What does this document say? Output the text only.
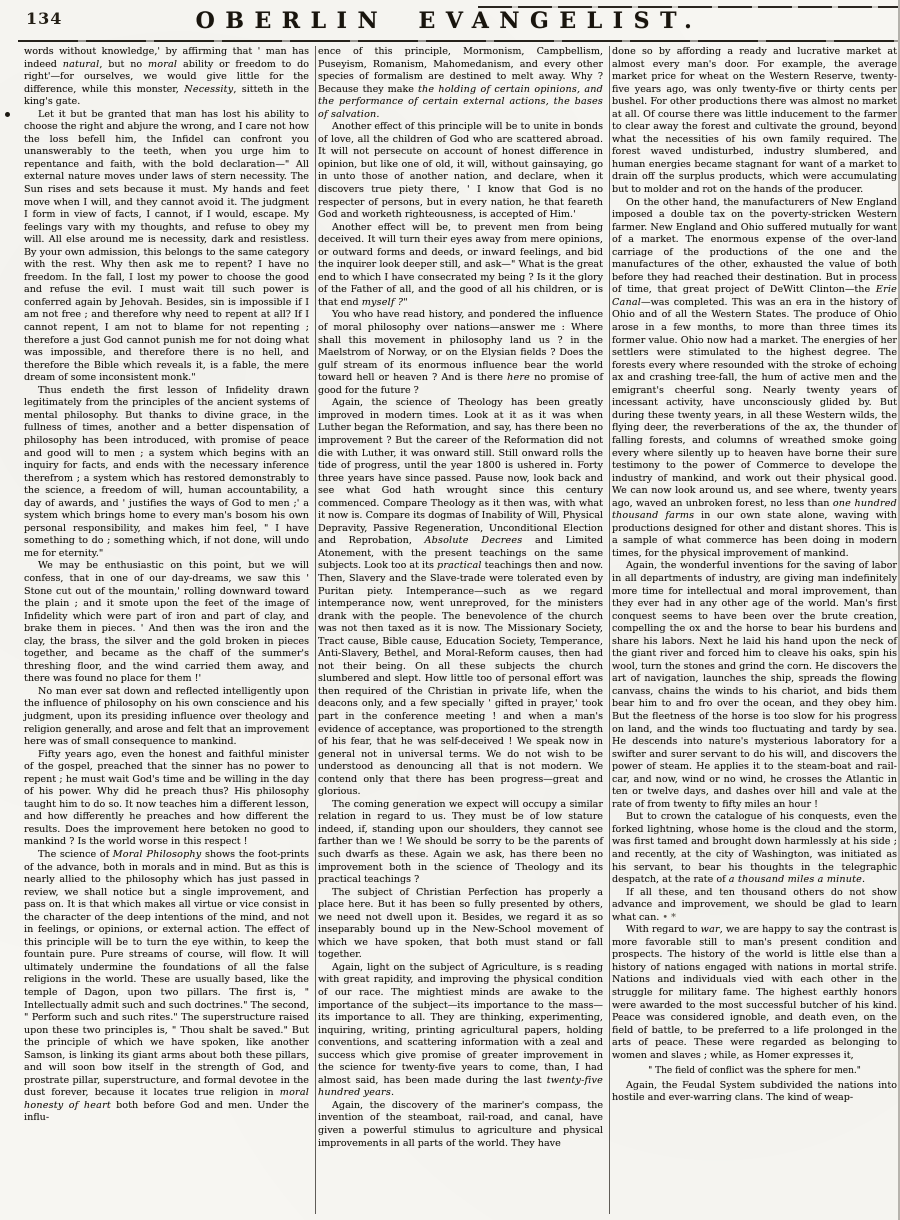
134	OBERLIN EVANGELIST.

words without knowledge,' by affirming that ' man has indeed natural, but no moral ability or freedom to do right'—for ourselves, we would give little for the difference, while this monster, Necessity, sitteth in the king's gate.

Let it but be granted that man has lost his ability to choose the right and abjure the wrong, and I care not how the loss befell him, the Infidel can confront you unanswerably to the teeth, when you urge him to repentance and faith, with the bold declaration—" All external nature moves under laws of stern necessity. The Sun rises and sets because it must. My hands and feet move when I will, and they cannot avoid it. The judgment I form in view of facts, I cannot, if I would, escape. My feelings vary with my thoughts, and refuse to obey my will. All else around me is necessity, dark and resistless. By your own admission, this belongs to the same category with the rest. Why then ask me to repent? I have no freedom. In the fall, I lost my power to choose the good and refuse the evil. I must wait till such power is conferred again by Jehovah. Besides, sin is impossible if I am not free ; and therefore why need to repent at all? If I cannot repent, I am not to blame for not repenting ; therefore a just God cannot punish me for not doing what was impossible, and therefore there is no hell, and therefore the Bible which reveals it, is a fable, the mere dream of some inconsistent monk."

Thus endeth the first lesson of Infidelity drawn legitimately from the principles of the ancient systems of mental philosophy. But thanks to divine grace, in the fullness of times, another and a better dispensation of philosophy has been introduced, with promise of peace and good will to men ; a system which begins with an inquiry for facts, and ends with the necessary inference therefrom ; a system which has restored demonstrably to the science, a freedom of will, human accountability, a day of awards, and ' justifies the ways of God to men ;' a system which brings home to every man's bosom his own personal responsibility, and makes him feel, " I have something to do ; something which, if not done, will undo me for eternity."

We may be enthusiastic on this point, but we will confess, that in one of our day-dreams, we saw this ' Stone cut out of the mountain,' rolling downward toward the plain ; and it smote upon the feet of the image of Infidelity which were part of iron and part of clay, and brake them in pieces. ' And then was the iron and the clay, the brass, the silver and the gold broken in pieces together, and became as the chaff of the summer's threshing floor, and the wind carried them away, and there was found no place for them !'

No man ever sat down and reflected intelligently upon the influence of philosophy on his own conscience and his judgment, upon its presiding influence over theology and religion generally, and arose and felt that an improvement here was of small consequence to mankind.

Fifty years ago, even the honest and faithful minister of the gospel, preached that the sinner has no power to repent ; he must wait God's time and be willing in the day of his power. Why did he preach thus? His philosophy taught him to do so. It now teaches him a different lesson, and how differently he preaches and how different the results. Does the improvement here betoken no good to mankind ? Is the world worse in this respect !

The science of Moral Philosophy shows the foot-prints of the advance, both in morals and in mind. But as this is nearly allied to the philosophy which has just passed in review, we shall notice but a single improvement, and pass on. It is that which makes all virtue or vice consist in the character of the deep intentions of the mind, and not in feelings, or opinions, or external action. The effect of this principle will be to turn the eye within, to keep the fountain pure. Pure streams of course, will flow. It will ultimately undermine the foundations of all the false religions in the world. These are usually based, like the temple of Dagon, upon two pillars. The first is, " Intellectually admit such and such doctrines." The second, " Perform such and such rites." The superstructure raised upon these two principles is, " Thou shalt be saved." But the principle of which we have spoken, like another Samson, is linking its giant arms about both these pillars, and will soon bow itself in the strength of God, and prostrate pillar, superstructure, and formal devotee in the dust forever, because it locates true religion in moral honesty of heart both before God and men. Under the influ-

ence of this principle, Mormonism, Campbellism, Puseyism, Romanism, Mahomedanism, and every other species of formalism are destined to melt away. Why ? Because they make the holding of certain opinions, and the performance of certain external actions, the bases of salvation.

Another effect of this principle will be to unite in bonds of love, all the children of God who are scattered abroad. It will not persecute on account of honest difference in opinion, but like one of old, it will, without gainsaying, go in unto those of another nation, and declare, when it discovers true piety there, ' I know that God is no respecter of persons, but in every nation, he that feareth God and worketh righteousness, is accepted of Him.'

Another effect will be, to prevent men from being deceived. It will turn their eyes away from mere opinions, or outward forms and deeds, or inward feelings, and bid the inquirer look deeper still, and ask—" What is the great end to which I have consecrated my being ? Is it the glory of the Father of all, and the good of all his children, or is that end myself ?"

You who have read history, and pondered the influence of moral philosophy over nations—answer me : Where shall this movement in philosophy land us ? in the Maelstrom of Norway, or on the Elysian fields ? Does the gulf stream of its enormous influence bear the world toward hell or heaven ? And is there here no promise of good for the future ?

Again, the science of Theology has been greatly improved in modern times. Look at it as it was when Luther began the Reformation, and say, has there been no improvement ? But the career of the Reformation did not die with Luther, it was onward still. Still onward rolls the tide of progress, until the year 1800 is ushered in. Forty three years have since passed. Pause now, look back and see what God hath wrought since this century commenced. Compare Theology as it then was, with what it now is. Compare its dogmas of Inability of Will, Physical Depravity, Passive Regeneration, Unconditional Election and Reprobation, Absolute Decrees and Limited Atonement, with the present teachings on the same subjects. Look too at its practical teachings then and now. Then, Slavery and the Slave-trade were tolerated even by Puritan piety. Intemperance—such as we regard intemperance now, went unreproved, for the ministers drank with the people. The benevolence of the church was not then taxed as it is now. The Missionary Society, Tract cause, Bible cause, Education Society, Temperance, Anti-Slavery, Bethel, and Moral-Reform causes, then had not their being. On all these subjects the church slumbered and slept. How little too of personal effort was then required of the Christian in private life, when the deacons only, and a few specially ' gifted in prayer,' took part in the conference meeting ! and when a man's evidence of acceptance, was proportioned to the strength of his fear, that he was self-deceived ! We speak now in general not in universal terms. We do not wish to be understood as denouncing all that is not modern. We contend only that there has been progress—great and glorious.

The coming generation we expect will occupy a similar relation in regard to us. They must be of low stature indeed, if, standing upon our shoulders, they cannot see farther than we ! We should be sorry to be the parents of such dwarfs as these. Again we ask, has there been no improvement both in the science of Theology and its practical teachings ?

The subject of Christian Perfection has properly a place here. But it has been so fully presented by others, we need not dwell upon it. Besides, we regard it as so inseparably bound up in the New-School movement of which we have spoken, that both must stand or fall together.

Again, light on the subject of Agriculture, is s reading with great rapidity, and improving the physical condition of our race. The mightiest minds are awake to the importance of the subject—its importance to the mass—its importance to all. They are thinking, experimenting, inquiring, writing, printing agricultural papers, holding conventions, and scattering information with a zeal and success which give promise of greater improvement in the science for twenty-five years to come, than, I had almost said, has been made during the last twenty-five hundred years.

Again, the discovery of the mariner's compass, the invention of the steamboat, rail-road, and canal, have given a powerful stimulus to agriculture and physical improvements in all parts of the world. They have

done so by affording a ready and lucrative market at almost every man's door. For example, the average market price for wheat on the Western Reserve, twenty-five years ago, was only twenty-five or thirty cents per bushel. For other productions there was almost no market at all. Of course there was little inducement to the farmer to clear away the forest and cultivate the ground, beyond what the necessities of his own family required. The forest waved undisturbed, industry slumbered, and human energies became stagnant for want of a market to drain off the surplus products, which were accumulating but to molder and rot on the hands of the producer.

On the other hand, the manufacturers of New England imposed a double tax on the poverty-stricken Western farmer. New England and Ohio suffered mutually for want of a market. The enormous expense of the over-land carriage of the productions of the one and the manufactures of the other, exhausted the value of both before they had reached their destination. But in process of time, that great project of DeWitt Clinton—the Erie Canal—was completed. This was an era in the history of Ohio and of all the Western States. The produce of Ohio arose in a few months, to more than three times its former value. Ohio now had a market. The energies of her settlers were stimulated to the highest degree. The forests every where resounded with the stroke of echoing ax and crashing tree-fall, the hum of active men and the emigrant's cheerful song. Nearly twenty years of incessant activity, have unconsciously glided by. But during these twenty years, in all these Western wilds, the flying deer, the reverberations of the ax, the thunder of falling forests, and columns of wreathed smoke going every where silently up to heaven have borne their sure testimony to the power of Commerce to develope the industry of mankind, and work out their physical good. We can now look around us, and see where, twenty years ago, waved an unbroken forest, no less than one hundred thousand farms in our own state alone, waving with productions designed for other and distant shores. This is a sample of what commerce has been doing in modern times, for the physical improvement of mankind.

Again, the wonderful inventions for the saving of labor in all departments of industry, are giving man indefinitely more time for intellectual and moral improvement, than they ever had in any other age of the world. Man's first conquest seems to have been over the brute creation, compelling the ox and the horse to bear his burdens and share his labors. Next he laid his hand upon the neck of the giant river and forced him to cleave his oaks, spin his wool, turn the stones and grind the corn. He discovers the art of navigation, launches the ship, spreads the flowing canvass, chains the winds to his chariot, and bids them bear him to and fro over the ocean, and they obey him. But the fleetness of the horse is too slow for his progress on land, and the winds too fluctuating and tardy by sea. He descends into nature's mysterious laboratory for a swifter and surer servant to do his will, and discovers the power of steam. He applies it to the steam-boat and rail-car, and now, wind or no wind, he crosses the Atlantic in ten or twelve days, and dashes over hill and vale at the rate of from twenty to fifty miles an hour !

But to crown the catalogue of his conquests, even the forked lightning, whose home is the cloud and the storm, was first tamed and brought down harmlessly at his side ; and recently, at the city of Washington, was initiated as his servant, to bear his thoughts in the telegraphic despatch, at the rate of a thousand miles a minute.

If all these, and ten thousand others do not show advance and improvement, we should be glad to learn what can. • *

With regard to war, we are happy to say the contrast is more favorable still to man's present condition and prospects. The history of the world is little else than a history of nations engaged with nations in mortal strife. Nations and individuals vied with each other in the struggle for military fame. The highest earthly honors were awarded to the most successful butcher of his kind. Peace was considered ignoble, and death even, on the field of battle, to be preferred to a life prolonged in the arts of peace. These were regarded as belonging to women and slaves ; while, as Homer expresses it,

" The field of conflict was the sphere for men."

Again, the Feudal System subdivided the nations into hostile and ever-warring clans. The kind of weap-
